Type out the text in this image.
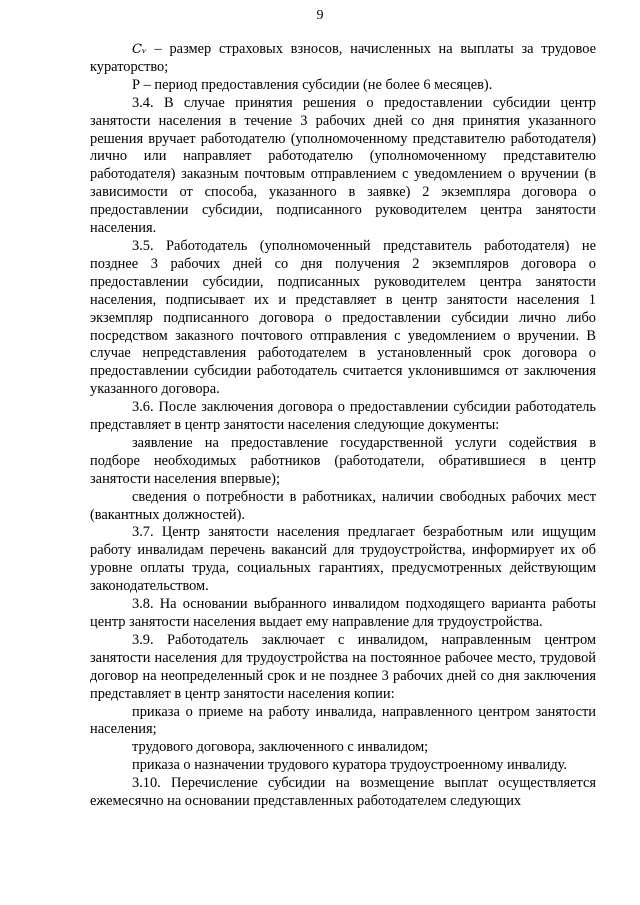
9

Cᵥ – размер страховых взносов, начисленных на выплаты за трудовое кураторство;

Р – период предоставления субсидии (не более 6 месяцев).

3.4. В случае принятия решения о предоставлении субсидии центр занятости населения в течение 3 рабочих дней со дня принятия указанного решения вручает работодателю (уполномоченному представителю работодателя) лично или направляет работодателю (уполномоченному представителю работодателя) заказным почтовым отправлением с уведомлением о вручении (в зависимости от способа, указанного в заявке) 2 экземпляра договора о предоставлении субсидии, подписанного руководителем центра занятости населения.

3.5. Работодатель (уполномоченный представитель работодателя) не позднее 3 рабочих дней со дня получения 2 экземпляров договора о предоставлении субсидии, подписанных руководителем центра занятости населения, подписывает их и представляет в центр занятости населения 1 экземпляр подписанного договора о предоставлении субсидии лично либо посредством заказного почтового отправления с уведомлением о вручении. В случае непредставления работодателем в установленный срок договора о предоставлении субсидии работодатель считается уклонившимся от заключения указанного договора.

3.6. После заключения договора о предоставлении субсидии работодатель представляет в центр занятости населения следующие документы:

заявление на предоставление государственной услуги содействия в подборе необходимых работников (работодатели, обратившиеся в центр занятости населения впервые);

сведения о потребности в работниках, наличии свободных рабочих мест (вакантных должностей).

3.7. Центр занятости населения предлагает безработным или ищущим работу инвалидам перечень вакансий для трудоустройства, информирует их об уровне оплаты труда, социальных гарантиях, предусмотренных действующим законодательством.

3.8. На основании выбранного инвалидом подходящего варианта работы центр занятости населения выдает ему направление для трудоустройства.

3.9. Работодатель заключает с инвалидом, направленным центром занятости населения для трудоустройства на постоянное рабочее место, трудовой договор на неопределенный срок и не позднее 3 рабочих дней со дня заключения представляет в центр занятости населения копии:

приказа о приеме на работу инвалида, направленного центром занятости населения;

трудового договора, заключенного с инвалидом;

приказа о назначении трудового куратора трудоустроенному инвалиду.

3.10. Перечисление субсидии на возмещение выплат осуществляется ежемесячно на основании представленных работодателем следующих
